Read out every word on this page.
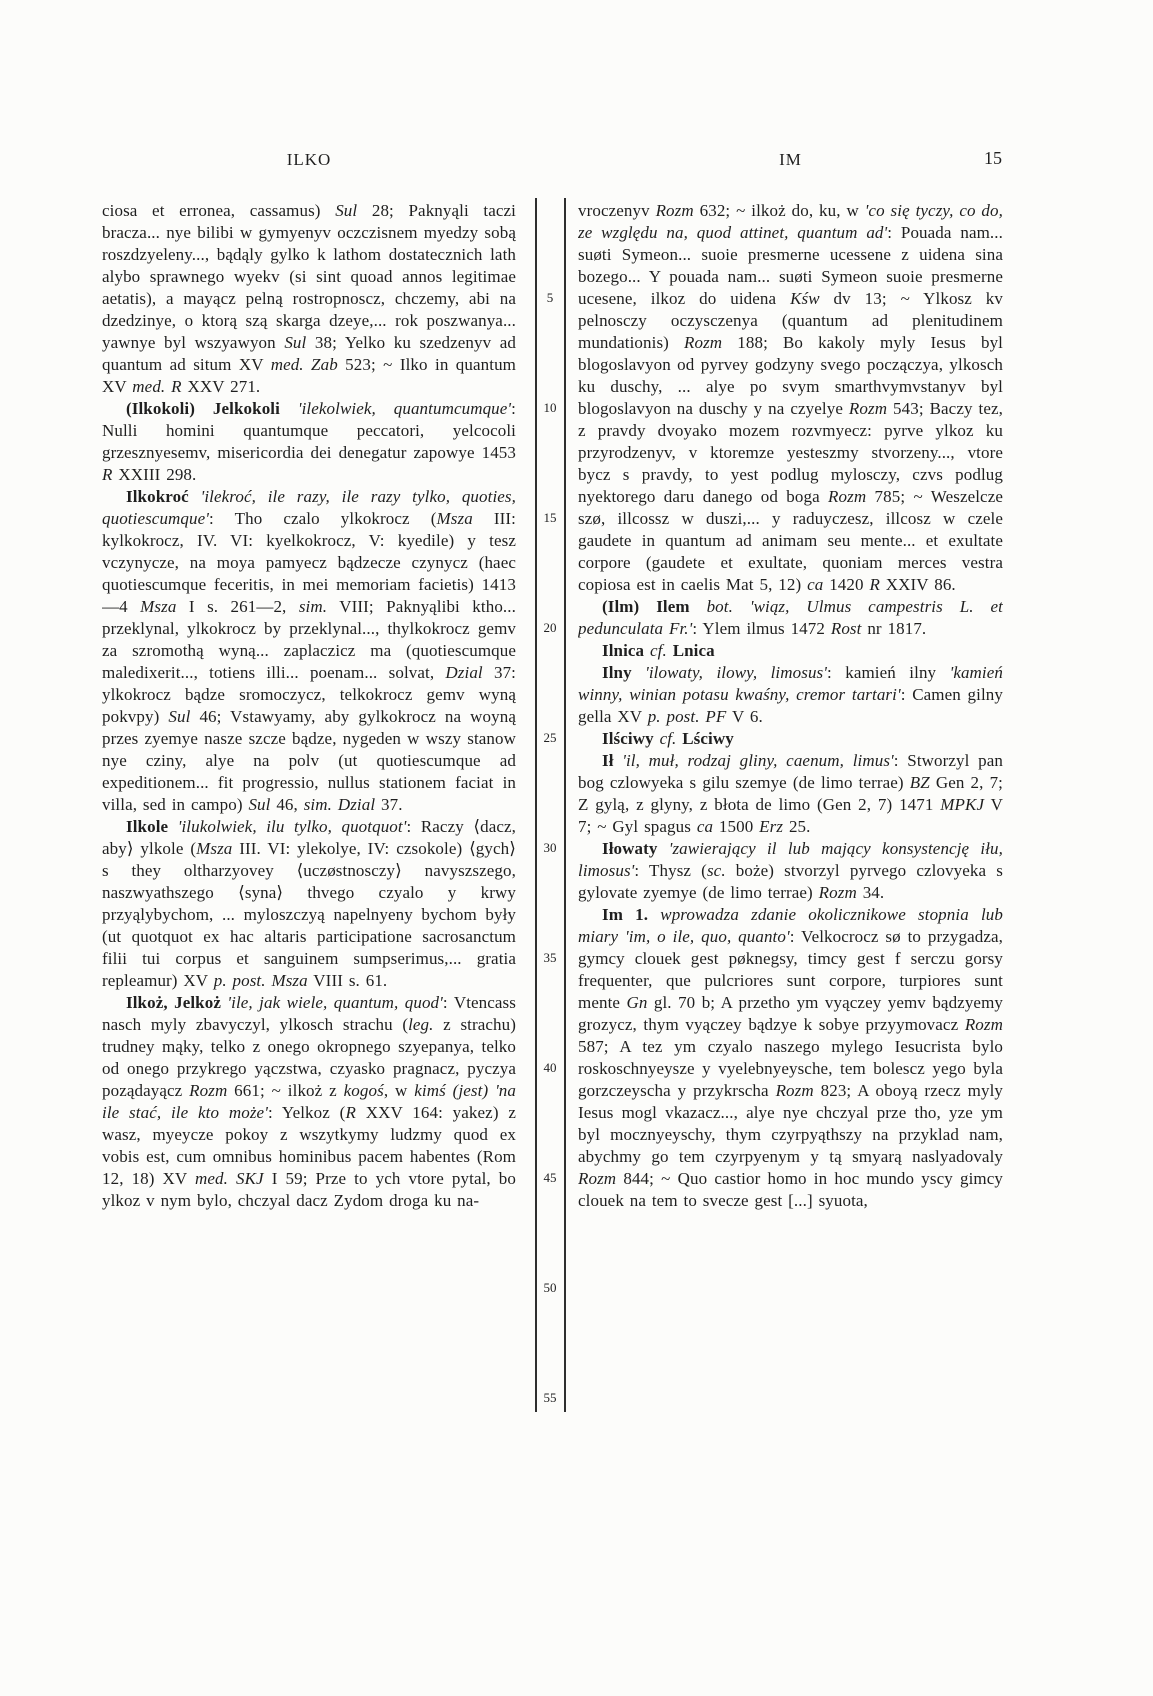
ILKO	IM	15
5
10
15
20
25
30
35
40
45
50
55

ciosa et erronea, cassamus) Sul 28; Paknyąli taczi bracza... nye bilibi w gymyenyv oczczisnem myedzy sobą roszdzyeleny..., bądąly gylko k lathom dostatecznich lath alybo sprawnego wyekv (si sint quoad annos legitimae aetatis), a mayącz pelną rostropnoscz, chczemy, abi na dzedzinye, o ktorą szą skarga dzeye,... rok poszwanya... yawnye byl wszyawyon Sul 38; Yelko ku szedzenyv ad quantum ad situm XV med. Zab 523; ~ Ilko in quantum XV med. R XXV 271.

(Ilkokoli) Jelkokoli 'ilekolwiek, quantumcumque': Nulli homini quantumque peccatori, yelcocoli grzesznyesemv, misericordia dei denegatur zapowye 1453 R XXIII 298.

Ilkokroć 'ilekroć, ile razy, ile razy tylko, quoties, quotiescumque': Tho czalo ylkokrocz (Msza III: kylkokrocz, IV. VI: kyelkokrocz, V: kyedile) y tesz vczynycze, na moya pamyecz bądzecze czynycz (haec quotiescumque feceritis, in mei memoriam facietis) 1413—4 Msza I s. 261—2, sim. VIII; Paknyąlibi ktho... przeklynal, ylkokrocz by przeklynal..., thylkokrocz gemv za szromothą wyną... zaplaczicz ma (quotiescumque maledixerit..., totiens illi... poenam... solvat, Dzial 37: ylkokrocz bądze sromoczycz, telkokrocz gemv wyną pokvpy) Sul 46; Vstawyamy, aby gylkokrocz na woyną przes zyemye nasze szcze bądze, nygeden w wszy stanow nye cziny, alye na polv (ut quotiescumque ad expeditionem... fit progressio, nullus stationem faciat in villa, sed in campo) Sul 46, sim. Dzial 37.

Ilkole 'ilukolwiek, ilu tylko, quotquot': Raczy ⟨dacz, aby⟩ ylkole (Msza III. VI: ylekolye, IV: czsokole) ⟨gych⟩ s they oltharzyovey ⟨uczøstnosczy⟩ navyszszego, naszwyathszego ⟨syna⟩ thvego czyalo y krwy przyąlybychom, ... myloszczyą napelnyeny bychom były (ut quotquot ex hac altaris participatione sacrosanctum filii tui corpus et sanguinem sumpserimus,... gratia repleamur) XV p. post. Msza VIII s. 61.

Ilkoż, Jelkoż 'ile, jak wiele, quantum, quod': Vtencass nasch myly zbavyczyl, ylkosch strachu (leg. z strachu) trudney mąky, telko z onego okropnego szyepanya, telko od onego przykrego yączstwa, czyasko pragnacz, pyczya poządayącz Rozm 661; ~ ilkoż z kogoś, w kimś (jest) 'na ile stać, ile kto może': Yelkoz (R XXV 164: yakez) z wasz, myeycze pokoy z wszytkymy ludzmy quod ex vobis est, cum omnibus hominibus pacem habentes (Rom 12, 18) XV med. SKJ I 59; Prze to ych vtore pytal, bo ylkoz v nym bylo, chczyal dacz Zydom droga ku na-

vroczenyv Rozm 632; ~ ilkoż do, ku, w 'co się tyczy, co do, ze względu na, quod attinet, quantum ad': Pouada nam... suøti Symeon... suoie presmerne ucessene z uidena sina bozego... Y pouada nam... suøti Symeon suoie presmerne ucesene, ilkoz do uidena Kśw dv 13; ~ Ylkosz kv pelnosczy oczysczenya (quantum ad plenitudinem mundationis) Rozm 188; Bo kakoly myly Iesus byl blogoslavyon od pyrvey godzyny svego począczya, ylkosch ku duschy, ... alye po svym smarthvymvstanyv byl blogoslavyon na duschy y na czyelye Rozm 543; Baczy tez, z pravdy dvoyako mozem rozvmyecz: pyrve ylkoz ku przyrodzenyv, v ktoremze yesteszmy stvorzeny..., vtore bycz s pravdy, to yest podlug mylosczy, czvs podlug nyektorego daru danego od boga Rozm 785; ~ Weszelcze szø, illcossz w duszi,... y raduyczesz, illcosz w czele gaudete in quantum ad animam seu mente... et exultate corpore (gaudete et exultate, quoniam merces vestra copiosa est in caelis Mat 5, 12) ca 1420 R XXIV 86.

(Ilm) Ilem bot. 'wiąz, Ulmus campestris L. et pedunculata Fr.': Ylem ilmus 1472 Rost nr 1817.

Ilnica cf. Lnica

Ilny 'ilowaty, ilowy, limosus': kamień ilny 'kamień winny, winian potasu kwaśny, cremor tartari': Camen gilny gella XV p. post. PF V 6.

Ilściwy cf. Lściwy

Ił 'il, muł, rodzaj gliny, caenum, limus': Stworzyl pan bog czlowyeka s gilu szemye (de limo terrae) BZ Gen 2, 7; Z gylą, z glyny, z błota de limo (Gen 2, 7) 1471 MPKJ V 7; ~ Gyl spagus ca 1500 Erz 25.

Iłowaty 'zawierający il lub mający konsystencję iłu, limosus': Thysz (sc. boże) stvorzyl pyrvego czlovyeka s gylovate zyemye (de limo terrae) Rozm 34.

Im 1. wprowadza zdanie okolicznikowe stopnia lub miary 'im, o ile, quo, quanto': Velkocrocz sø to przygadza, gymcy clouek gest pøknegsy, timcy gest f serczu gorsy frequenter, que pulcriores sunt corpore, turpiores sunt mente Gn gl. 70 b; A przetho ym vyączey yemv bądzyemy grozycz, thym vyączey bądzye k sobye przyymovacz Rozm 587; A tez ym czyalo naszego mylego Iesucrista bylo roskoschnyeysze y vyelebnyeysche, tem bolescz yego byla gorzczeyscha y przykrscha Rozm 823; A oboyą rzecz myly Iesus mogl vkazacz..., alye nye chczyal prze tho, yze ym byl mocznyeyschy, thym czyrpyąthszy na przyklad nam, abychmy go tem czyrpyenym y tą smyarą naslyadovaly Rozm 844; ~ Quo castior homo in hoc mundo yscy gimcy clouek na tem to svecze gest [...] syuota,
